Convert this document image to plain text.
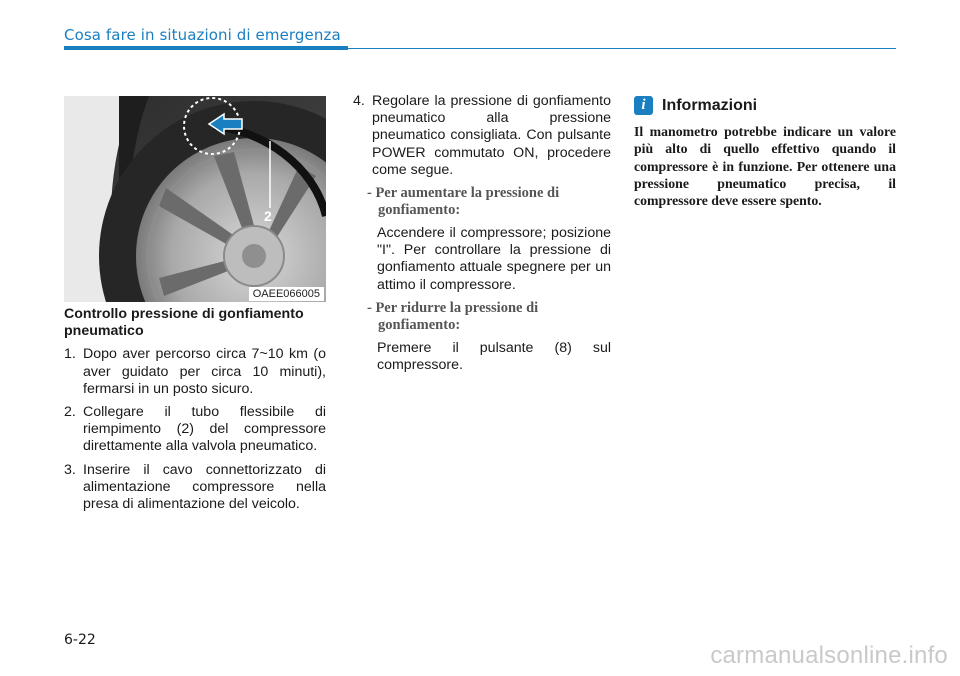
Cosa fare in situazioni di emergenza
2
OAEE066005
Controllo pressione di gonfiamento pneumatico
1. Dopo aver percorso circa 7~10 km (o aver guidato per circa 10 minuti), fermarsi in un posto sicuro.
2. Collegare il tubo flessibile di riempimento (2) del compressore direttamente alla valvola pneumatico.
3. Inserire il cavo connettorizzato di alimentazione compressore nella presa di alimentazione del veicolo.
4. Regolare la pressione di gonfiamento pneumatico alla pressione pneumatico consigliata. Con pulsante POWER commutato ON, procedere come segue.
- Per aumentare la pressione di gonfiamento:
Accendere il compressore; posizione "I". Per controllare la pressione di gonfiamento attuale spegnere per un attimo il compressore.
- Per ridurre la pressione di gonfiamento:
Premere il pulsante (8) sul compressore.
i	Informazioni
Il manometro potrebbe indicare un valore più alto di quello effettivo quando il compressore è in funzione. Per ottenere una pressione pneumatico precisa, il compressore deve essere spento.
6-22
carmanualsonline.info
